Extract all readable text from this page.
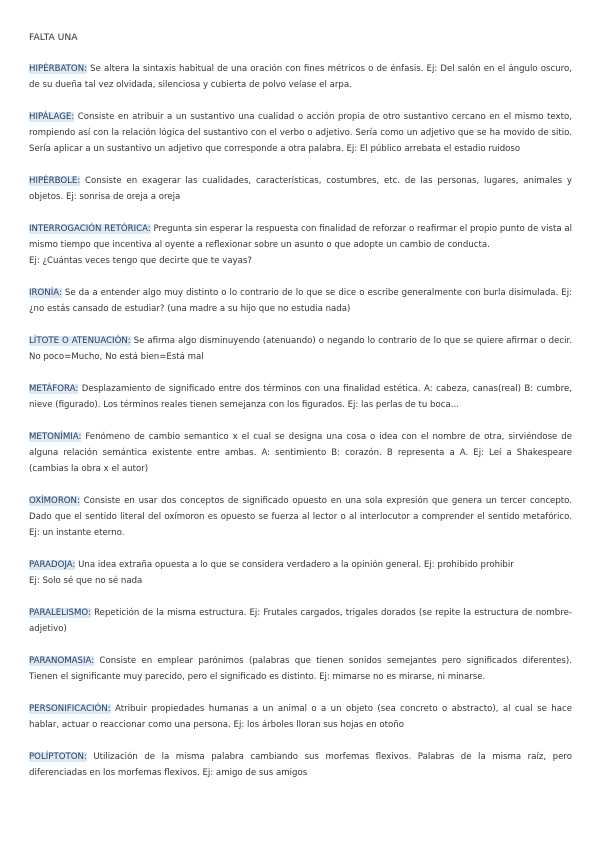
FALTA UNA

HIPÉRBATON: Se altera la sintaxis habitual de una oración con fines métricos o de énfasis. Ej: Del salón en el ángulo oscuro, de su dueña tal vez olvidada, silenciosa y cubierta de polvo veíase el arpa.

HIPÁLAGE: Consiste en atribuir a un sustantivo una cualidad o acción propia de otro sustantivo cercano en el mismo texto, rompiendo así con la relación lógica del sustantivo con el verbo o adjetivo. Sería como un adjetivo que se ha movido de sitio. Sería aplicar a un sustantivo un adjetivo que corresponde a otra palabra. Ej: El público arrebata el estadio ruidoso

HIPÉRBOLE: Consiste en exagerar las cualidades, características, costumbres, etc. de las personas, lugares, animales y objetos. Ej: sonrisa de oreja a oreja

INTERROGACIÓN RETÓRICA: Pregunta sin esperar la respuesta con finalidad de reforzar o reafirmar el propio punto de vista al mismo tiempo que incentiva al oyente a reflexionar sobre un asunto o que adopte un cambio de conducta.
Ej: ¿Cuántas veces tengo que decirte que te vayas?

IRONÍA: Se da a entender algo muy distinto o lo contrario de lo que se dice o escribe generalmente con burla disimulada. Ej: ¿no estás cansado de estudiar? (una madre a su hijo que no estudia nada)

LÍTOTE O ATENUACIÓN: Se afirma algo disminuyendo (atenuando) o negando lo contrario de lo que se quiere afirmar o decir. No poco=Mucho, No está bien=Está mal

METÁFORA: Desplazamiento de significado entre dos términos con una finalidad estética. A: cabeza, canas(real) B: cumbre, nieve (figurado). Los términos reales tienen semejanza con los figurados. Ej: las perlas de tu boca...

METONÍMIA: Fenómeno de cambio semantico x el cual se designa una cosa o idea con el nombre de otra, sirviéndose de alguna relación semántica existente entre ambas. A: sentimiento B: corazón. B representa a A. Ej: Leí a Shakespeare (cambias la obra x el autor)

OXÍMORON: Consiste en usar dos conceptos de significado opuesto en una sola expresión que genera un tercer concepto. Dado que el sentido literal del oxímoron es opuesto se fuerza al lector o al interlocutor a comprender el sentido metafórico. Ej: un instante eterno.

PARADOJA: Una idea extraña opuesta a lo que se considera verdadero a la opinión general. Ej: prohibido prohibir
Ej: Solo sé que no sé nada

PARALELISMO: Repetición de la misma estructura. Ej: Frutales cargados, trigales dorados (se repite la estructura de nombre-adjetivo)

PARANOMASIA: Consiste en emplear parónimos (palabras que tienen sonidos semejantes pero significados diferentes). Tienen el significante muy parecido, pero el significado es distinto. Ej: mimarse no es mirarse, ni minarse.

PERSONIFICACIÓN: Atribuir propiedades humanas a un animal o a un objeto (sea concreto o abstracto), al cual se hace hablar, actuar o reaccionar como una persona. Ej: los árboles lloran sus hojas en otoño

POLÍPTOTON: Utilización de la misma palabra cambiando sus morfemas flexivos. Palabras de la misma raíz, pero diferenciadas en los morfemas flexivos. Ej: amigo de sus amigos
